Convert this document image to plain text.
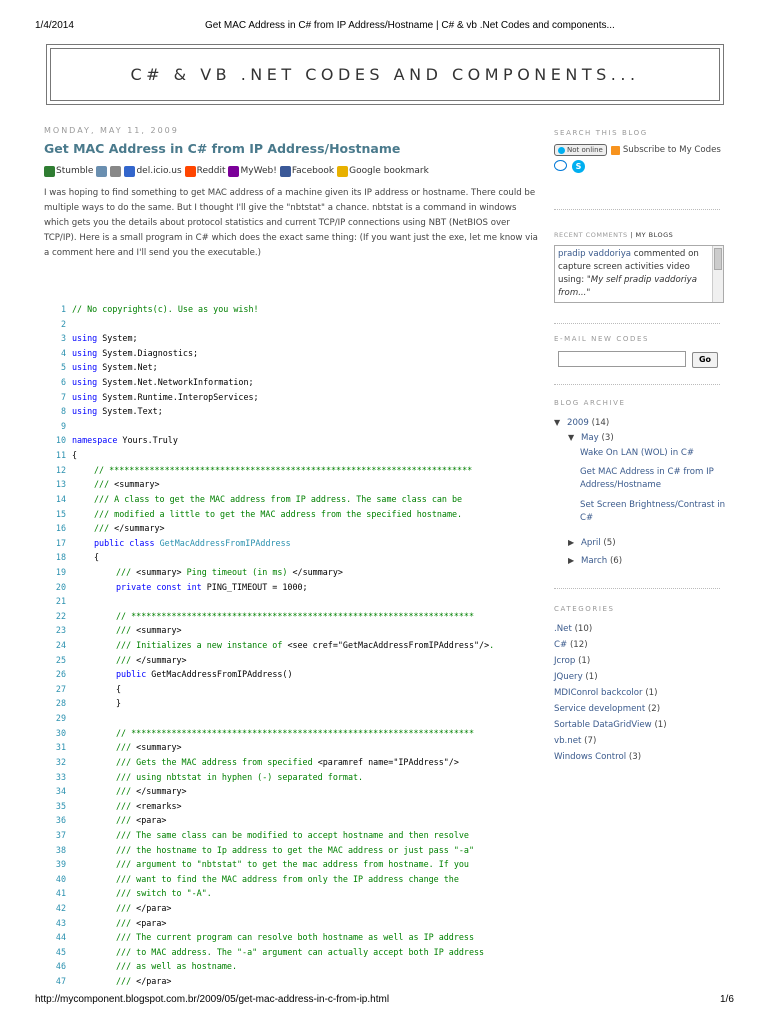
1/4/2014	Get MAC Address in C# from IP Address/Hostname | C# & vb .Net Codes and components...
C# & VB .NET CODES AND COMPONENTS...
MONDAY, MAY 11, 2009
Get MAC Address in C# from IP Address/Hostname
Stumble	del.icio.us Reddit MyWeb! Facebook Google bookmark
I was hoping to find something to get MAC address of a machine given its IP address or hostname. There could be multiple ways to do the same. But I thought I'll give the "nbtstat" a chance. nbtstat is a command in windows which gets you the details about protocol statistics and current TCP/IP connections using NBT (NetBIOS over TCP/IP). Here is a small program in C# which does the exact same thing: (If you want just the exe, let me know via a comment here and I'll send you the executable.)
1 // No copyrights(c). Use as you wish!
2
3 using System;
4 using System.Diagnostics;
5 using System.Net;
6 using System.Net.NetworkInformation;
7 using System.Runtime.InteropServices;
8 using System.Text;
9
10 namespace Yours.Truly
11 {
12	// ************************************************************************
13	/// <summary>
14	/// A class to get the MAC address from IP address. The same class can be
15	/// modified a little to get the MAC address from the specified hostname.
16	/// </summary>
17	public class GetMacAddressFromIPAddress
18	{
19	/// <summary> Ping timeout (in ms) </summary>
20	private const int PING_TIMEOUT = 1000;
21
22	// ********************************************************************
23	/// <summary>
24	/// Initializes a new instance of <see cref="GetMacAddressFromIPAddress"/>.
25	/// </summary>
26	public GetMacAddressFromIPAddress()
27	{
28	}
29
30	// ********************************************************************
31	/// <summary>
32	/// Gets the MAC address from specified <paramref name="IPAddress"/>
33	/// using nbtstat in hyphen (-) separated format.
34	/// </summary>
35	/// <remarks>
36	/// <para>
37	/// The same class can be modified to accept hostname and then resolve
38	/// the hostname to Ip address to get the MAC address or just pass "-a"
39	/// argument to "nbtstat" to get the mac address from hostname. If you
40	/// want to find the MAC address from only the IP address change the
41	/// switch to "-A".
42	/// </para>
43	/// <para>
44	/// The current program can resolve both hostname as well as IP address
45	/// to MAC address. The "-a" argument can actually accept both IP address
46	/// as well as hostname.
47	/// </para>
SEARCH THIS BLOG
Not online Subscribe to My Codes
S
RECENT COMMENTS | MY BLOGS
pradip vaddoriya commented on capture screen activities video using: "My self pradip vaddoriya from..."
E-MAIL NEW CODES
Go
BLOG ARCHIVE
▼ 2009 (14)
▼ May (3)
Wake On LAN (WOL) in C#
Get MAC Address in C# from IP Address/Hostname
Set Screen Brightness/Contrast in C#
▶ April (5)
▶ March (6)
CATEGORIES
.Net (10)
C# (12)
Jcrop (1)
JQuery (1)
MDIConrol backcolor (1)
Service development (2)
Sortable DataGridView (1)
vb.net (7)
Windows Control (3)
http://mycomponent.blogspot.com.br/2009/05/get-mac-address-in-c-from-ip.html	1/6
